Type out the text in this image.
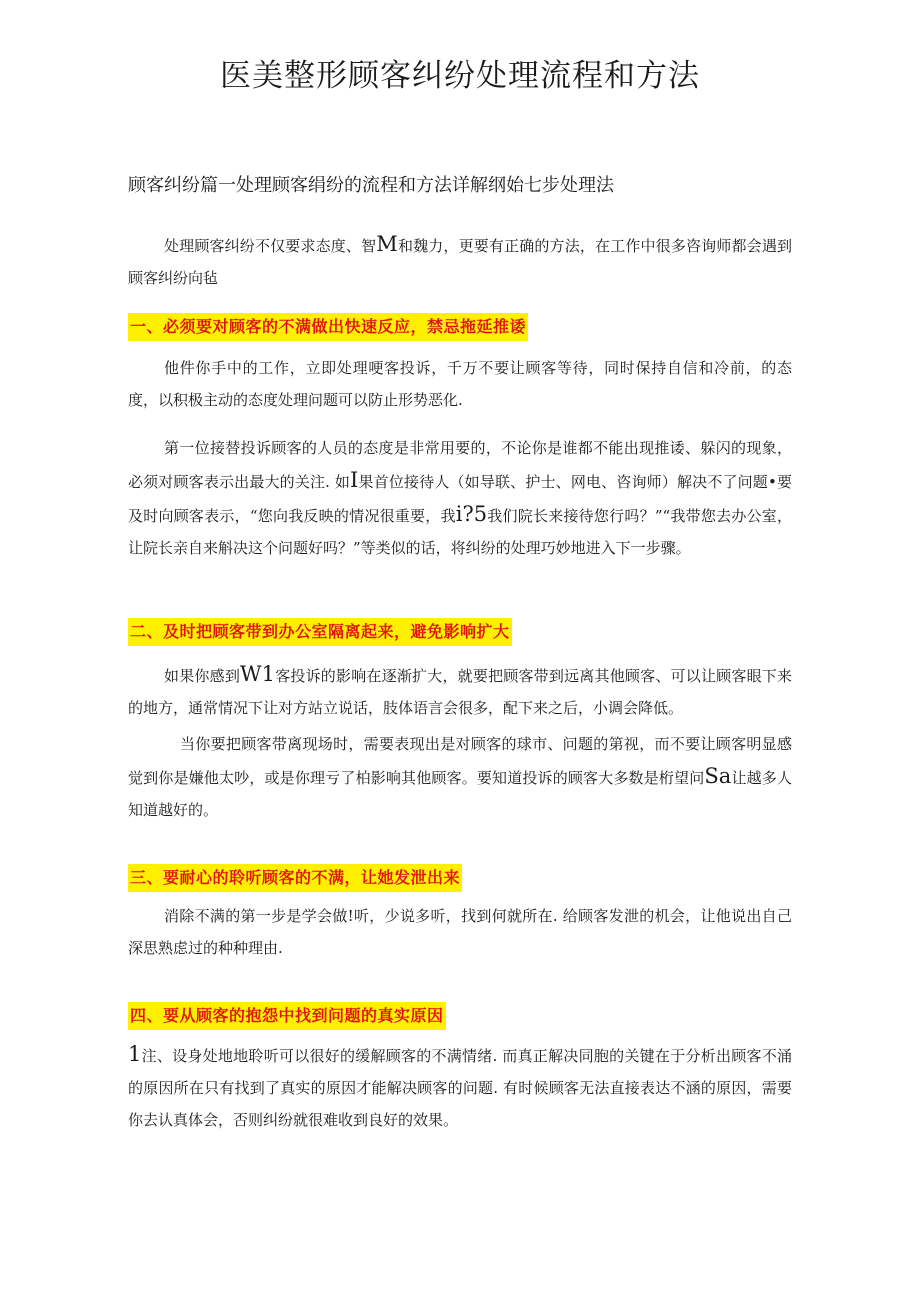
医美整形顾客纠纷处理流程和方法
顾客纠纷篇一处理顾客绢纷的流程和方法详解纲始七步处理法

处理顾客纠纷不仅要求态度、智M和魏力，更要有正确的方法，在工作中很多咨询师都会遇到顾客纠纷向毡

一、必须要对顾客的不满做出快速反应，禁忌拖延推诿

他件你手中的工作，立即处理哽客投诉，千万不要让顾客等待，同时保持自信和冷前，的态度，以积极主动的态度处理问题可以防止形势恶化.

第一位接替投诉顾客的人员的态度是非常用要的，不论你是谁都不能出现推诿、躲闪的现象，必须对顾客表示出最大的关注. 如I果首位接待人（如导联、护士、网电、咨询师）解决不了问题•要及时向顾客表示，“您向我反映的情况很重要，我i?5我们院长来接待您行吗？”“我带您去办公室，让院长亲自来斛决这个问题好吗？”等类似的话，将纠纷的处理巧妙地进入下一步骤。

二、及时把顾客带到办公室隔离起来，避免影响扩大

如果你感到W1客投诉的影响在逐渐扩大，就要把顾客带到远离其他顾客、可以让顾客眼下来的地方，通常情况下让对方站立说话，肢体语言会很多，配下来之后，小调会降低。

当你要把顾客带离现场时，需要表现出是对顾客的球市、问题的第视，而不要让顾客明显感觉到你是嫌他太吵，或是你理亏了柏影响其他顾客。要知道投诉的顾客大多数是桁望问Sa让越多人知道越好的。

三、要耐心的聆听顾客的不满，让她发泄出来

消除不满的第一步是学会做!听，少说多听，找到何就所在. 给顾客发泄的机会，让他说出自己深思熟虑过的种种理由.

四、要从顾客的抱怨中找到问题的真实原因

1注、设身处地地聆听可以很好的缓解顾客的不满情绪. 而真正解决同胞的关键在于分析出顾客不涌的原因所在只有找到了真实的原因才能解决顾客的问题. 有时候顾客无法直接表达不涵的原因，需要你去认真体会，否则纠纷就很难收到良好的效果。
